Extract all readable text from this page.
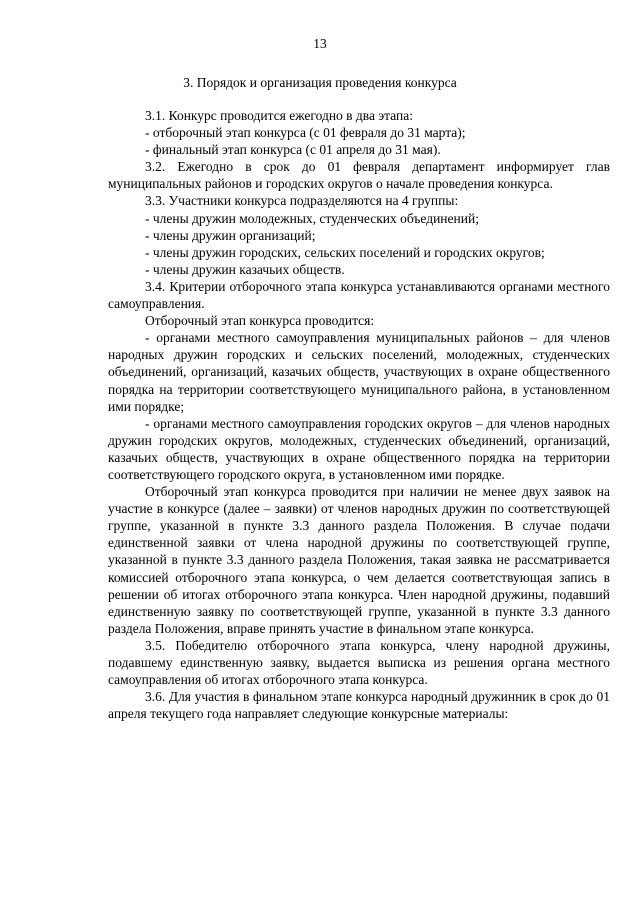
13
3. Порядок и организация проведения конкурса

3.1. Конкурс проводится ежегодно в два этапа:

- отборочный этап конкурса (с 01 февраля до 31 марта);

- финальный этап конкурса (с 01 апреля до 31 мая).

3.2. Ежегодно в срок до 01 февраля департамент информирует глав муниципальных районов и городских округов о начале проведения конкурса.

3.3. Участники конкурса подразделяются на 4 группы:

- члены дружин молодежных, студенческих объединений;

- члены дружин организаций;

- члены дружин городских, сельских поселений и городских округов;

- члены дружин казачьих обществ.

3.4. Критерии отборочного этапа конкурса устанавливаются органами местного самоуправления.

Отборочный этап конкурса проводится:

- органами местного самоуправления муниципальных районов – для членов народных дружин городских и сельских поселений, молодежных, студенческих объединений, организаций, казачьих обществ, участвующих в охране общественного порядка на территории соответствующего муниципального района, в установленном ими порядке;

- органами местного самоуправления городских округов – для членов народных дружин городских округов, молодежных, студенческих объединений, организаций, казачьих обществ, участвующих в охране общественного порядка на территории соответствующего городского округа, в установленном ими порядке.

Отборочный этап конкурса проводится при наличии не менее двух заявок на участие в конкурсе (далее – заявки) от членов народных дружин по соответствующей группе, указанной в пункте 3.3 данного раздела Положения. В случае подачи единственной заявки от члена народной дружины по соответствующей группе, указанной в пункте 3.3 данного раздела Положения, такая заявка не рассматривается комиссией отборочного этапа конкурса, о чем делается соответствующая запись в решении об итогах отборочного этапа конкурса. Член народной дружины, подавший единственную заявку по соответствующей группе, указанной в пункте 3.3 данного раздела Положения, вправе принять участие в финальном этапе конкурса.

3.5. Победителю отборочного этапа конкурса, члену народной дружины, подавшему единственную заявку, выдается выписка из решения органа местного самоуправления об итогах отборочного этапа конкурса.

3.6. Для участия в финальном этапе конкурса народный дружинник в срок до 01 апреля текущего года направляет следующие конкурсные материалы:
